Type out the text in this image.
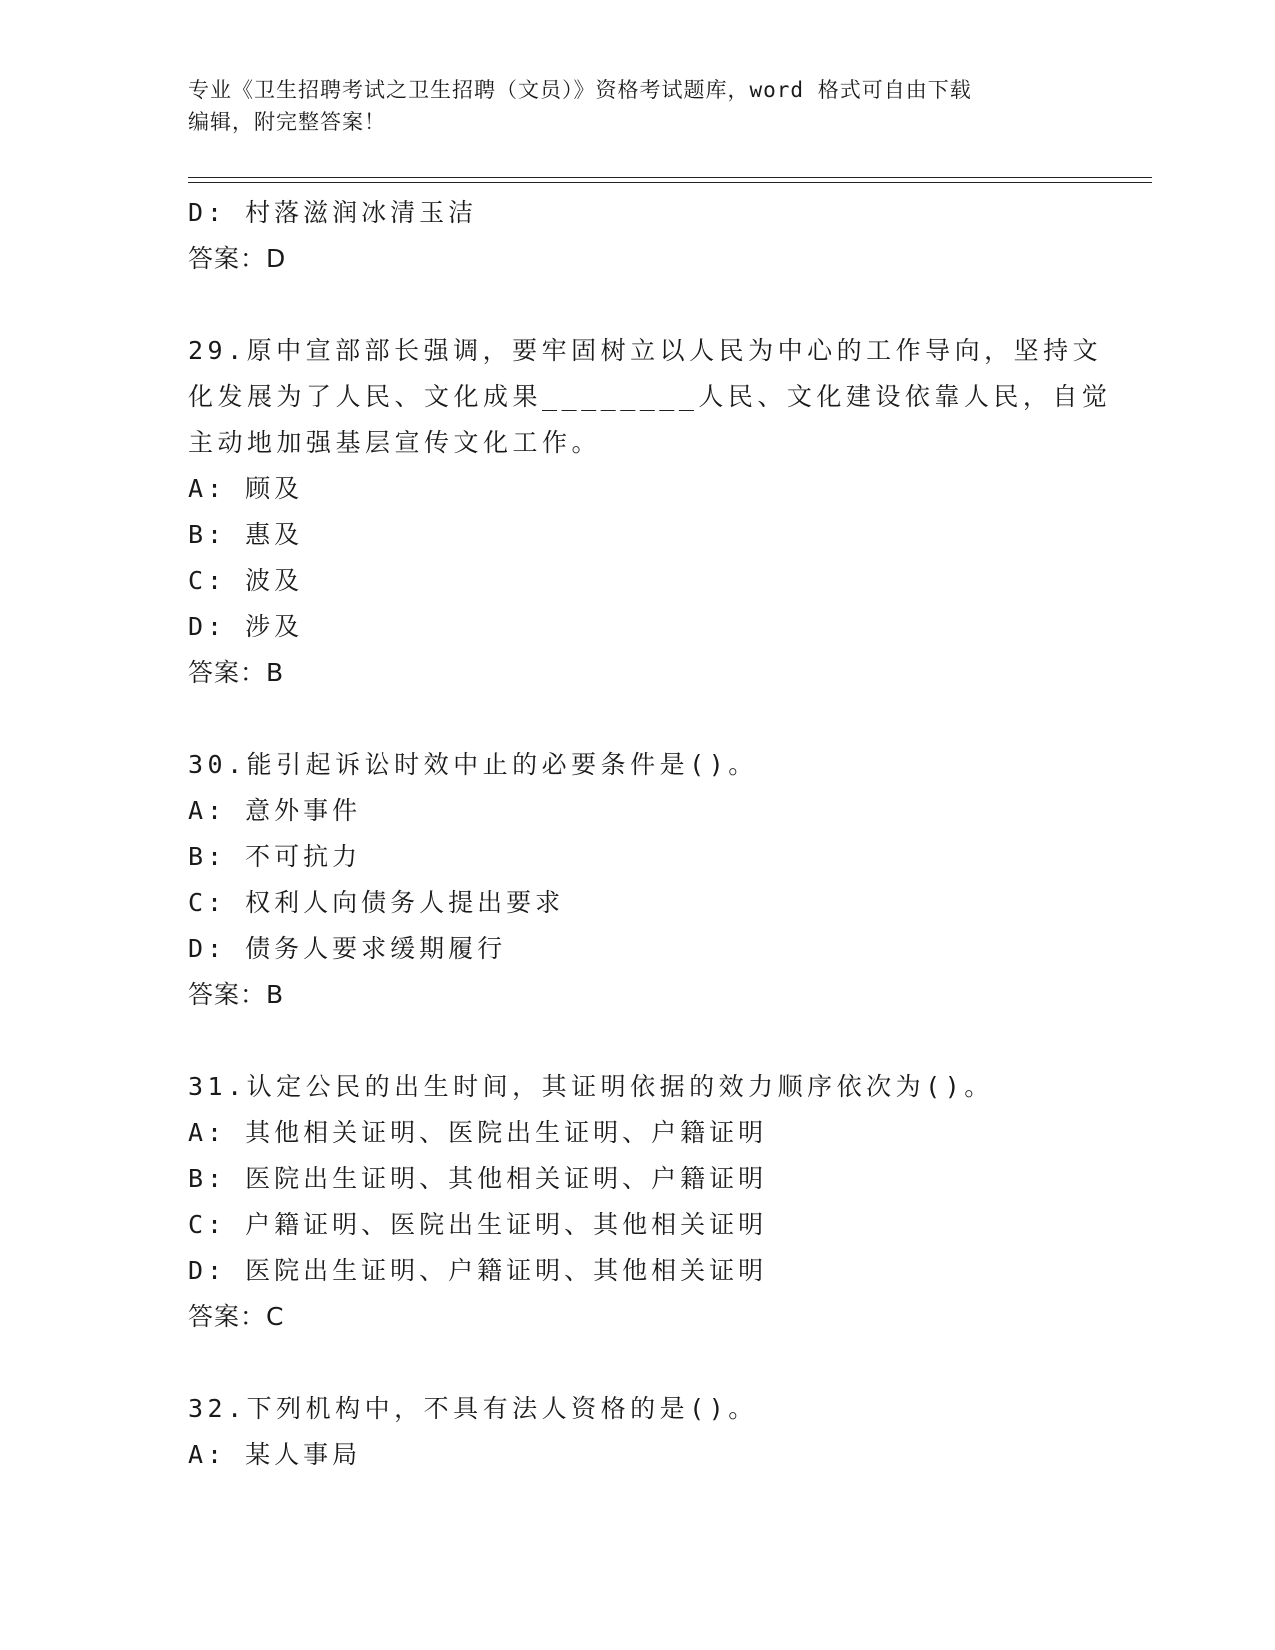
专业《卫生招聘考试之卫生招聘（文员）》资格考试题库，word 格式可自由下载
编辑，附完整答案！
D: 村落滋润冰清玉洁
答案：D
29.原中宣部部长强调，要牢固树立以人民为中心的工作导向，坚持文
化发展为了人民、文化成果________人民、文化建设依靠人民，自觉
主动地加强基层宣传文化工作。
A: 顾及
B: 惠及
C: 波及
D: 涉及
答案：B
30.能引起诉讼时效中止的必要条件是()。
A: 意外事件
B: 不可抗力
C: 权利人向债务人提出要求
D: 债务人要求缓期履行
答案：B
31.认定公民的出生时间，其证明依据的效力顺序依次为()。
A: 其他相关证明、医院出生证明、户籍证明
B: 医院出生证明、其他相关证明、户籍证明
C: 户籍证明、医院出生证明、其他相关证明
D: 医院出生证明、户籍证明、其他相关证明
答案：C
32.下列机构中，不具有法人资格的是()。
A: 某人事局
